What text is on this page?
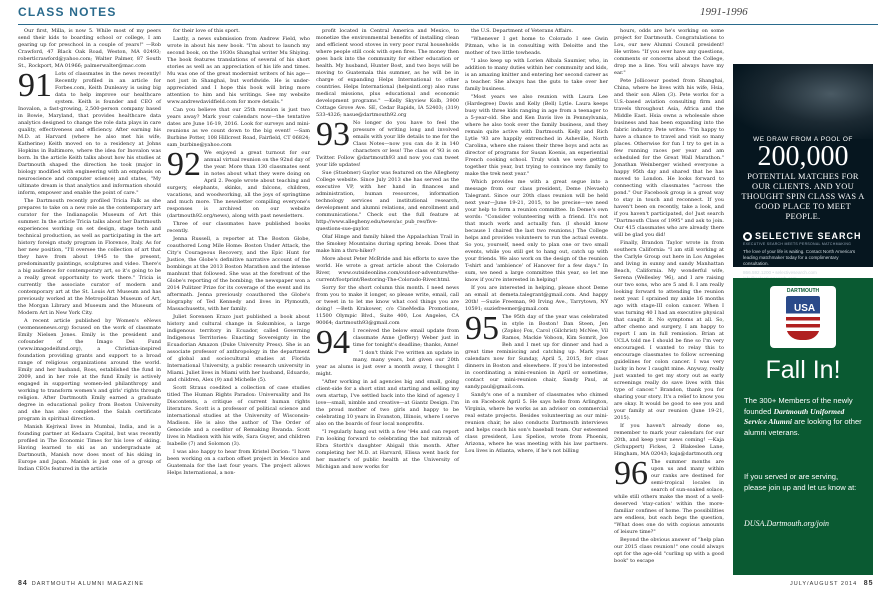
CLASS NOTES	1991-1996

Our first, Milla, is now 5. While most of my peers send their kids to boarding school or college, I am gearing up for preschool in a couple of years!" —Rob Crawford, 47 Black Oak Road, Weston, MA 02493; robertlcrawford@yahoo.com; Walter Palmer, 87 South St., Rockport, MA 01966; palmerwalter@mac.com

91 Lots of classmates in the news recently! Recently profiled in an article for Forbes.com, Keith Dunleavy is using big data to help improve our healthcare system. Keith is founder and CEO of Inovalon, a fast-growing, 2,500-person company based in Bowie, Maryland, that provides healthcare data analytics designed to change the role data plays in care quality, effectiveness and efficiency. After earning his M.D. at Harvard (where he also met his wife, Katherine) Keith moved on to a residency at Johns Hopkins in Baltimore, where the idea for Inovalon was born. In the article Keith talks about how his studies at Dartmouth shaped the direction he took (major in biology modified with engineering with an emphasis on neuroscience and computer science) and states, "My ultimate dream is that analytics and information should inform, empower and enable the point of care."

The Dartmouth recently profiled Tricia Falk as she prepares to take on a new role as the contemporary art curator for the Indianapolis Museum of Art this summer. In the article Tricia talks about her Dartmouth experiences working on set design, stage tech and technical production, as well as participating in the art history foreign study program in Florence, Italy. As for her new position, "I'll oversee the collection of art that they have from about 1945 to the present, predominantly paintings, sculptures and video. There's a big audience for contemporary art, so it's going to be a really great opportunity to work there." Tricia is currently the associate curator of modern and contemporary art at the St. Louis Art Museum and has previously worked at the Metropolitan Museum of Art, the Morgan Library and Museum and the Museum of Modern Art in New York City.

A recent article published by Women's eNews (womensenews.org) focused on the work of classmate Emily Nielsen Jones. Emily is the president and cofounder of the Imago Dei Fund (www.imagodeifund.org), a Christian-inspired foundation providing grants and support to a broad range of religious organizations around the world. Emily and her husband, Ross, established the fund in 2009, and in her role at the fund Emily is actively engaged in supporting women-led philanthropy and working to transform women's and girls' rights through religion. After Dartmouth Emily earned a graduate degree in educational policy from Boston University and she has also completed the Salah certificate program in spiritual direction.

Manish Kejriwal lives in Mumbai, India, and is a founding partner at Kedaara Capital, but was recently profiled in The Economic Times for his love of skiing. Having learned to ski as an undergraduate at Dartmouth, Manish now does most of his skiing in Europe and Japan. Manish is just one of a group of Indian CEOs featured in the article

for their love of this sport.

Lastly, a news submission from Andrew Field, who wrote in about his new book. "I'm about to launch my second book, on the 1930s Shanghai writer Mu Shiying. The book features translations of several of his short stories as well as an appreciation of his life and times. Mu was one of the great modernist writers of his age—not just in Shanghai, but worldwide. He is under-appreciated and I hope this book will bring more attention to him and his writings. See my website www.andrewdavidfield.com for more details."

Can you believe that our 25th reunion is just two years away? Mark your calendars now—the tentative dates are June 16-19, 2016. Look for surveys and mini-reunions as we count down to the big event! —Sam Burbine Potter, 108 Hillcrest Road, Fairfield, CT 06824; sam_burbine@yahoo.com

92 We enjoyed a great turnout for our annual virtual reunion on the 92nd day of the year. More than 130 classmates sent in notes about what they were doing on April 2. People wrote about teaching and surgery, elephants, skinks, and falcons, children, vacations, and woodworking, all the joys of springtime and much more. The newsletter compiling everyone's responses is archived on our website (dartmouth92.org/news), along with past newsletters.

Three of our classmates have published books recently.

Jenna Russell, a reporter at The Boston Globe, coauthored Long Mile Home: Boston Under Attack, the City's Courageous Recovery, and the Epic Hunt for Justice, the Globe's definitive narrative account of the bombings at the 2013 Boston Marathon and the intense manhunt that followed. She was at the forefront of the Globe's reporting of the bombing; the newspaper won a 2014 Pulitzer Prize for its coverage of the event and its aftermath. Jenna previously coauthored the Globe's biography of Ted Kennedy and lives in Plymouth, Massachusetts, with her family.

Juliet Sorensen Erazo just published a book about history and cultural change in Sukumbios, a large indigenous territory in Ecuador, called Governing Indigenous Territories: Enacting Sovereignty in the Ecuadorian Amazon (Duke University Press). She is an associate professor of anthropology in the department of global and sociocultural studies at Florida International University, a public research university in Miami. Juliet lives in Miami with her husband, Eduardo, and children, Alex (9) and Michelle (5).

Scott Straus coedited a collection of case studies titled The Human Rights Paradox: Universality and Its Discontents, a critique of current human rights literature. Scott is a professor of political science and international studies at the University of Wisconsin-Madison. He is also the author of The Order of Genocide and a coeditor of Remaking Rwanda. Scott lives in Madison with his wife, Sara Guyer, and children Isabelle (7) and Solomon (3).

I was also happy to hear from Kristel Dorion: "I have been working on a carbon offset project in Mexico and Guatemala for the last four years. The project allows Helps International, a non-

profit located in Central America and Mexico, to monetize the environmental benefits of installing clean and efficient wood stoves in very poor rural households where people still cook with open fires. The money then goes back into the community for either education or health. My husband, Hunter Bost, and two boys will be moving to Guatemala this summer, as he will be in charge of expanding Helps International to other countries. Helps International (helpsintl.org) also runs medical missions, plus educational and economic development programs." —Kelly Skyview Kolb, 3900 Cottage Grove Ave. SE, Cedar Rapids, IA 52403; (319) 533-4326; nasue@dartmouth92.org

93 No longer do you have to feel the pressure of writing long and involved emails with your life details to me for the Class Notes—now you can do it in 140 characters or less! The class of '93 is on Twitter. Follow @dartmouth93 and now you can tweet your life updates!

Sue (Stuebner) Gaylor was featured on the Allegheny College website. Since July 2013 she has served as the executive VP, with her hand in finances and administration, human resources, information technology services and institutional research, development and alumni relations, and enrollment and communications." Check out the full feature at http://www.allegheny.edu/news/ac_pub_res/five-questions-sue-gaylor.

Olaf Hinge and family hiked the Appalachian Trail in the Smokey Mountains during spring break. Does that make him a thru-hiker?

More about Peter McBride and his efforts to save the world. He wrote a great article about the Colorado River, www.outsideonline.com/outdoor-adventure/the-current/footprint/Restoring-The-Colorado-River.html.

Sorry for the short column this month. I need news from you to make it longer, so please write, email, call or tweet in to let me know what cool things you are doing! —Beth Krakower, c/o CineMedia Promotions, 11500 Olympic Blvd., Suite 400, Los Angeles, CA 90064; dartmouth93@gmail.com

94 I received the below email update from classmate Anne (Jeffery) Weber just in time for tonight's deadline; thanks, Anne!

"I don't think I've written an update in many, many years, but given our 20th year as alums is just over a month away, I thought I might.

"After working in ad agencies big and small, going client-side for a short stint and starting and selling my own startup, I've settled back into the kind of agency I love—small, nimble and creative—at Giantz Design. I'm the proud mother of two girls and happy to be celebrating 10 years in Evanston, Illinois, where I serve also on the boards of four local nonprofits.

"I regularly hang out with a few '94s and can report I'm looking forward to celebrating the bat mitzvah of Ebra Storth's daughter Abigail this month. After completing her M.D. at Harvard, Elissa went back for her master's of public health at the University of Michigan and now works for

the U.S. Department of Veterans Affairs.

"Whenever I get home to Colorado I see Gwin Pitman, who is in consulting with Deloitte and the mother of two little towheads.

"I also keep up with Lorien Albala Saumier, who, in addition to many duties within her community and kids, is an amazing knitter and entering her second career as a teacher. She always has the guts to take over her family business.

"Most years we also reunion with Laura Lee (Hardegree) Davis and Kelly (Bell) Lytle. Laura keeps busy with three kids ranging in age from a teenager to a 5-year-old. She and Ken Davis live in Pennsylvania, where he also took over the family business, and they remain quite active with Dartmouth. Kelly and Rich Lytle '93 are happily entrenched in Asheville, North Carolina, where she raises their three boys and acts as director of programs for Susan Koenis, an experiential French cooking school. Truly wish we were getting together this year, but trying to convince my family to make the trek next year."

Which provides me with a great segue into a message from our class president, Deme (Nevaeh) Talegrant. Since our 20th class reunion will be held next year—June 19-21, 2015, to be precise—we need your help to form a reunion committee. In Deme's own words: "Consider volunteering with a friend. It's not that much work and actually fun. (I should know because I chaired the last two reunions.) The College helps and provides volunteers to run the actual events. So you, yourself, need only to plan one or two small events, while you still get to hang out, catch up with your friends. We also work on the design of the reunion T-shirt and ‘ambience’ of Hanover for a few days." In sum, we need a large committee this year, so let me know if you're interested in helping!

If you are interested in helping, please shoot Deme an email at demeta.talegrant@gmail.com. And happy 20th! —Suzie Freeman, 90 Irving Ave., Tarrytown, NY 10591; suziefreemer@gmail.com

95 The 95th day of the year was celebrated in style in Boston! Dan Steen, Jen (Zopko) Fox, Carol (Gilchrist) McNee, Vil Ramos, Mackie Voboon, Kim Somrit, Joe Beh and I met up for dinner and had a great time reminiscing and catching up. Mark your calendars now for Sunday, April 5, 2015, for class dinners in Boston and elsewhere. If you'd be interested in coordinating a mini-reunion in April or sometime, contact our mini-reunion chair, Sandy Paul, at sandy.paul@gmail.com.

Sandy's one of a number of classmates who chimed in on Facebook April 5. He says hello from Arlington, Virginia, where he works as an advisor on commercial real estate projects. Besides volunteering as our mini-reunion chair, he also conducts Dartmouth interviews and helps coach his son's baseball team. Our esteemed class president, Lou Spelios, wrote from Phoenix, Arizona, where he was meeting with his law partners. Lou lives in Atlanta, where, if he's not billing

hours, odds are he's working on some project for Dartmouth. Congratulations to Lou, our new Alumni Council president! He writes: "If you ever have any questions, comments or concerns about the College, drop me a line. You will always have my ear."

Pete Jollicoeur posted from Shanghai, China, where he lives with his wife, Hsia, and their son Allen (3). Pete works for a U.S.-based aviation consulting firm and travels throughout Asia, Africa and the Middle East. Hsia owns a wholesale shoe business and has been expanding into the fabric industry. Pete writes: "I'm happy to have a chance to travel and visit so many places. Otherwise for fun I try to get in a few running races per year and am scheduled for the Great Wall Marathon." Jonathan Weinberger wished everyone a happy 95th day and shared that he has moved to London. He looks forward to connecting with classmates "across the pond." Our Facebook group is a great way to stay in touch and reconnect. If you haven't been on recently, take a look, and if you haven't participated, do! Just search "Dartmouth Class of 1995" and ask to join. Our 415 classmates who are already there will be glad you did!

Finally, Brandon Taylor wrote in from southern California: "I am still working at the Carlyle Group out here in Los Angeles and living in sunny and sandy Manhattan Beach, California. My wonderful wife, Serena (Wellesley '96), and I are raising our two sons, who are 5 and 8. I am really looking forward to attending the reunion next year. I sprained my ankle 16 months ago with stage-III colon cancer. When I was turning 40 I had an executive physical that caught it. No symptoms at all. So, after chemo and surgery, I am happy to report I am in full remission. Brian at UCLA told me I should be fine so I'm very encouraged. I wanted to relay this to encourage classmates to follow screening guidelines for colon cancer. I was very lucky in how I caught mine. Anyway, really just wanted to get my story out as early screenings really do save lives with this type of cancer." Brandon, thank you for sharing your story. It's a relief to know you are okay. It would be good to see you and your family at our reunion (June 19-21, 2015).

If you haven't already done so, remember to mark your calendars for our 20th, and keep your news coming! —Kaja (Schuppert) Fickes, 2 Blakeslee Lane, Hingham, MA 02043; kaja@dartmouth.org

96 The summer months are upon us and many within our ranks are destined for semi-tropical locales in search of sun-soaked solace, while still others make the most of a well-deserved 'stay-cation' within the more-familiar confines of home. The possibilities are endless, but each begs the question, "What does one do with copious amounts of leisure time?"

Beyond the obvious answer of "help plan our 2015 class reunion!" one could always opt for the age-old "curling up with a good book" to escape

WE DRAW FROM A POOL OF
200,000
POTENTIAL MATCHES FOR OUR CLIENTS. AND YOU THOUGHT SPIN CLASS WAS A GOOD PLACE TO MEET PEOPLE.
SELECTIVE SEARCH
EXECUTIVE SEARCH MEETS PERSONAL MATCHMAKING
The love of your life is waiting. Contact North America's leading matchmaker today for a complimentary consultation.
866.592.1200 • selectivesearch.com
DARTMOUTH
USA
Fall In!
The 300+ Members of the newly founded Dartmouth Uniformed Service Alumni are looking for other alumni veterans.
If you served or are serving, please join up and let us know at:
DUSA.Dartmouth.org/join
84 DARTMOUTH ALUMNI MAGAZINE	JULY/AUGUST 2014 85
